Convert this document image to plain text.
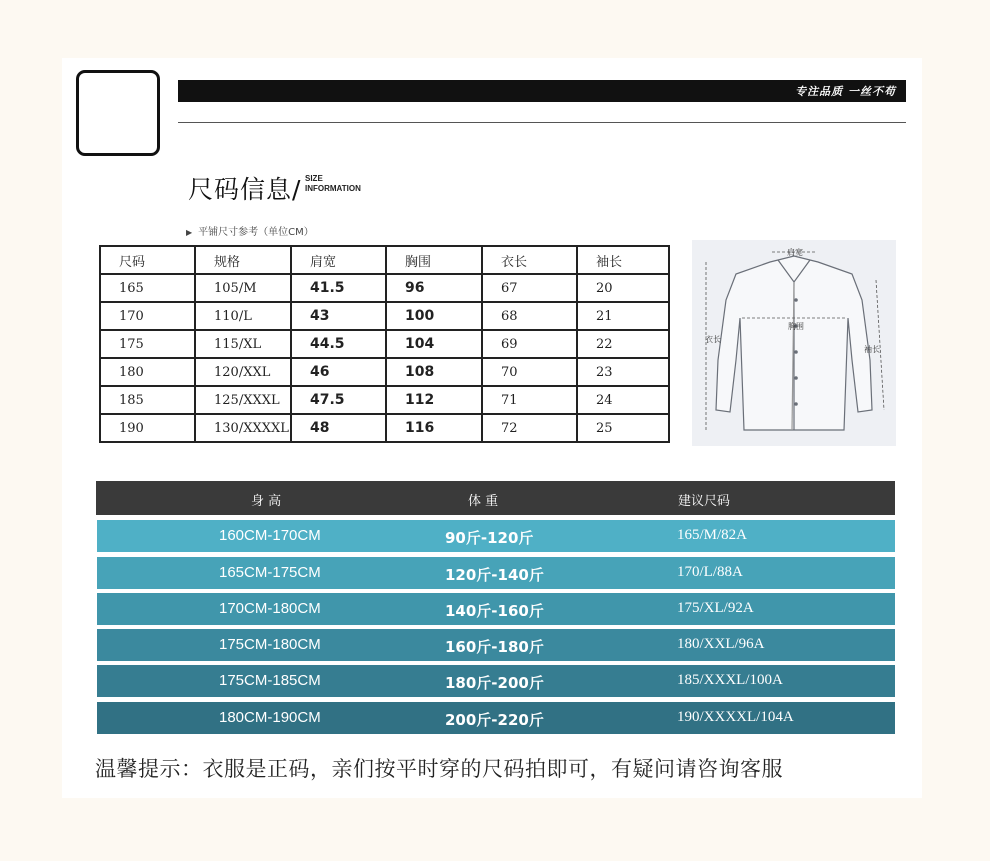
专注品质 一丝不苟
尺码信息/ SIZE
INFORMATION
▶ 平铺尺寸参考（单位CM）
尺码	规格	肩宽	胸围	衣长	袖长
165	105/M	41.5	96	67	20
170	110/L	43	100	68	21
175	115/XL	44.5	104	69	22
180	120/XXL	46	108	70	23
185	125/XXXL	47.5	112	71	24
190	130/XXXXL	48	116	72	25
肩宽
胸围
衣长
袖长
身 高	体 重	建议尺码
160CM-170CM	90斤-120斤	165/M/82A
165CM-175CM	120斤-140斤	170/L/88A
170CM-180CM	140斤-160斤	175/XL/92A
175CM-180CM	160斤-180斤	180/XXL/96A
175CM-185CM	180斤-200斤	185/XXXL/100A
180CM-190CM	200斤-220斤	190/XXXXL/104A
温馨提示：衣服是正码，亲们按平时穿的尺码拍即可，有疑问请咨询客服
